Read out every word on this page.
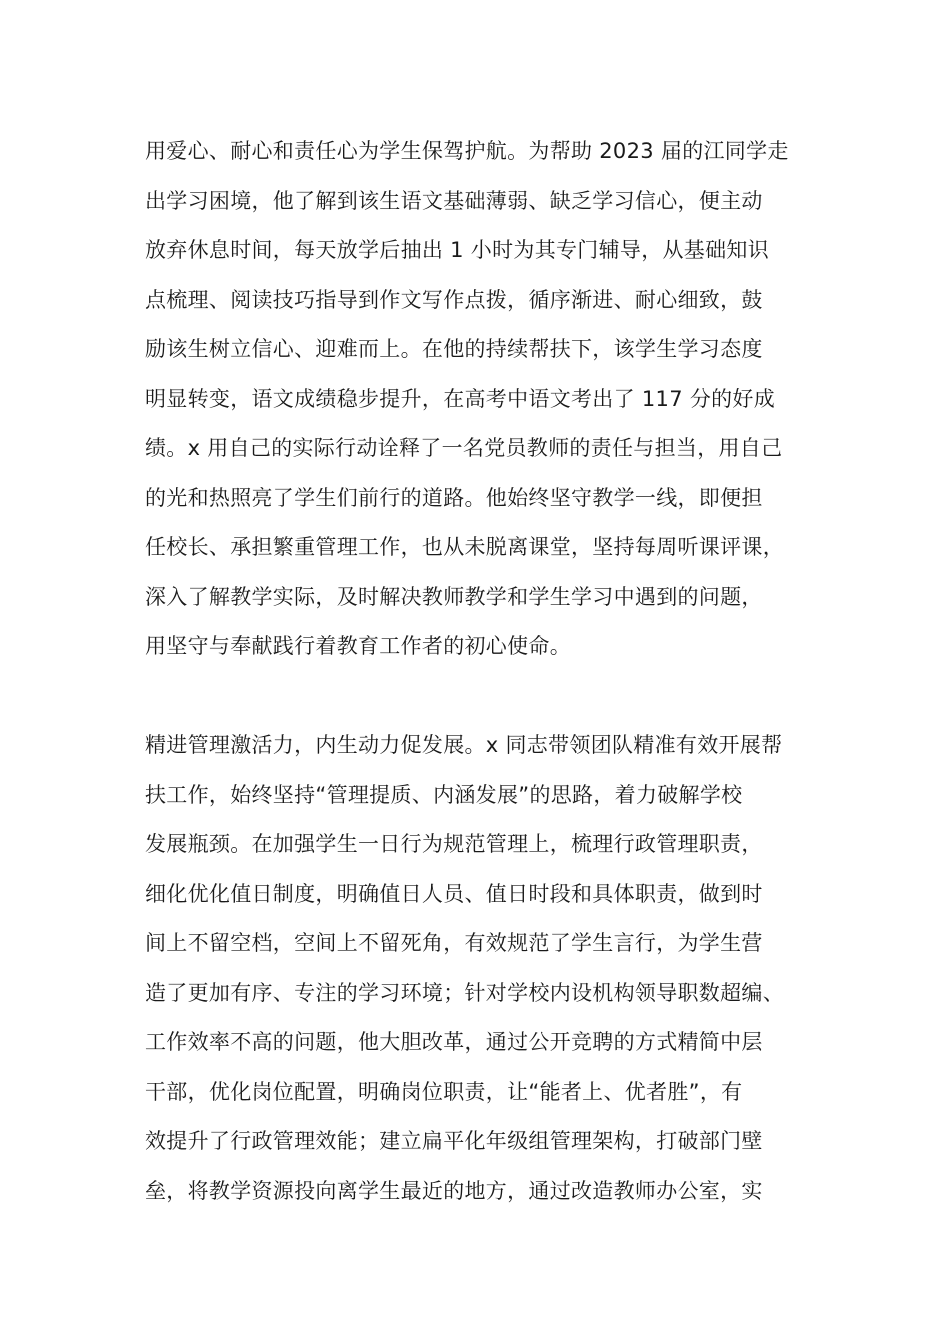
用爱心、耐心和责任心为学生保驾护航。为帮助 2023 届的江同学走
出学习困境，他了解到该生语文基础薄弱、缺乏学习信心，便主动
放弃休息时间，每天放学后抽出 1 小时为其专门辅导，从基础知识
点梳理、阅读技巧指导到作文写作点拨，循序渐进、耐心细致，鼓
励该生树立信心、迎难而上。在他的持续帮扶下，该学生学习态度
明显转变，语文成绩稳步提升，在高考中语文考出了 117 分的好成
绩。x 用自己的实际行动诠释了一名党员教师的责任与担当，用自己
的光和热照亮了学生们前行的道路。他始终坚守教学一线，即便担
任校长、承担繁重管理工作，也从未脱离课堂，坚持每周听课评课，
深入了解教学实际，及时解决教师教学和学生学习中遇到的问题，
用坚守与奉献践行着教育工作者的初心使命。
精进管理激活力，内生动力促发展。x 同志带领团队精准有效开展帮
扶工作，始终坚持“管理提质、内涵发展”的思路，着力破解学校
发展瓶颈。在加强学生一日行为规范管理上，梳理行政管理职责，
细化优化值日制度，明确值日人员、值日时段和具体职责，做到时
间上不留空档，空间上不留死角，有效规范了学生言行，为学生营
造了更加有序、专注的学习环境；针对学校内设机构领导职数超编、
工作效率不高的问题，他大胆改革，通过公开竞聘的方式精简中层
干部，优化岗位配置，明确岗位职责，让“能者上、优者胜”，有
效提升了行政管理效能；建立扁平化年级组管理架构，打破部门壁
垒，将教学资源投向离学生最近的地方，通过改造教师办公室，实
